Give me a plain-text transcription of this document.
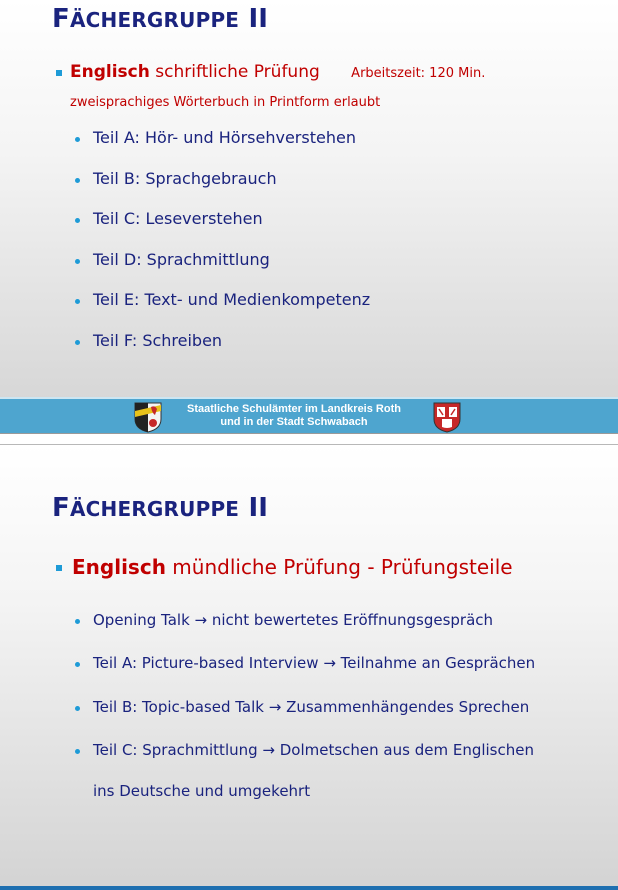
FÄCHERGRUPPE II
Englisch schriftliche Prüfung Arbeitszeit: 120 Min.
zweisprachiges Wörterbuch in Printform erlaubt
Teil A: Hör- und Hörsehverstehen
Teil B: Sprachgebrauch
Teil C: Leseverstehen
Teil D: Sprachmittlung
Teil E: Text- und Medienkompetenz
Teil F: Schreiben
Staatliche Schulämter im Landkreis Roth
und in der Stadt Schwabach
FÄCHERGRUPPE II
Englisch mündliche Prüfung - Prüfungsteile
Opening Talk → nicht bewertetes Eröffnungsgespräch
Teil A: Picture-based Interview → Teilnahme an Gesprächen
Teil B: Topic-based Talk → Zusammenhängendes Sprechen
Teil C: Sprachmittlung → Dolmetschen aus dem Englischen
ins Deutsche und umgekehrt
